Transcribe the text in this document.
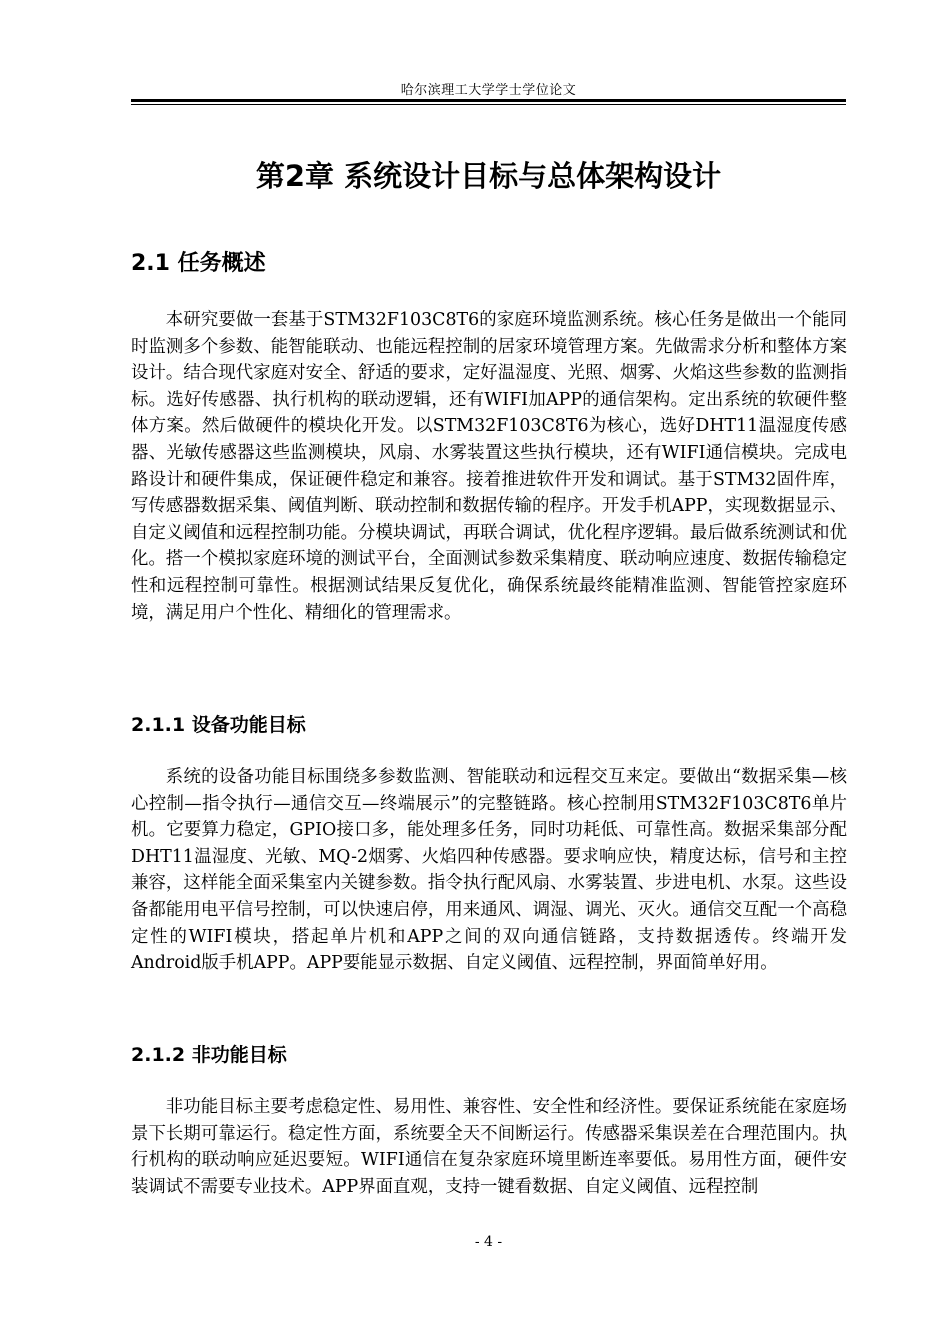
哈尔滨理工大学学士学位论文
第2章 系统设计目标与总体架构设计
2.1 任务概述

本研究要做一套基于STM32F103C8T6的家庭环境监测系统。核心任务是做出一个能同时监测多个参数、能智能联动、也能远程控制的居家环境管理方案。先做需求分析和整体方案设计。结合现代家庭对安全、舒适的要求，定好温湿度、光照、烟雾、火焰这些参数的监测指标。选好传感器、执行机构的联动逻辑，还有WIFI加APP的通信架构。定出系统的软硬件整体方案。然后做硬件的模块化开发。以STM32F103C8T6为核心，选好DHT11温湿度传感器、光敏传感器这些监测模块，风扇、水雾装置这些执行模块，还有WIFI通信模块。完成电路设计和硬件集成，保证硬件稳定和兼容。接着推进软件开发和调试。基于STM32固件库，写传感器数据采集、阈值判断、联动控制和数据传输的程序。开发手机APP，实现数据显示、自定义阈值和远程控制功能。分模块调试，再联合调试，优化程序逻辑。最后做系统测试和优化。搭一个模拟家庭环境的测试平台，全面测试参数采集精度、联动响应速度、数据传输稳定性和远程控制可靠性。根据测试结果反复优化，确保系统最终能精准监测、智能管控家庭环境，满足用户个性化、精细化的管理需求。

2.1.1 设备功能目标

系统的设备功能目标围绕多参数监测、智能联动和远程交互来定。要做出“数据采集—核心控制—指令执行—通信交互—终端展示”的完整链路。核心控制用STM32F103C8T6单片机。它要算力稳定，GPIO接口多，能处理多任务，同时功耗低、可靠性高。数据采集部分配DHT11温湿度、光敏、MQ-2烟雾、火焰四种传感器。要求响应快，精度达标，信号和主控兼容，这样能全面采集室内关键参数。指令执行配风扇、水雾装置、步进电机、水泵。这些设备都能用电平信号控制，可以快速启停，用来通风、调湿、调光、灭火。通信交互配一个高稳定性的WIFI模块，搭起单片机和APP之间的双向通信链路，支持数据透传。终端开发Android版手机APP。APP要能显示数据、自定义阈值、远程控制，界面简单好用。

2.1.2 非功能目标

非功能目标主要考虑稳定性、易用性、兼容性、安全性和经济性。要保证系统能在家庭场景下长期可靠运行。稳定性方面，系统要全天不间断运行。传感器采集误差在合理范围内。执行机构的联动响应延迟要短。WIFI通信在复杂家庭环境里断连率要低。易用性方面，硬件安装调试不需要专业技术。APP界面直观，支持一键看数据、自定义阈值、远程控制

- 4 -
